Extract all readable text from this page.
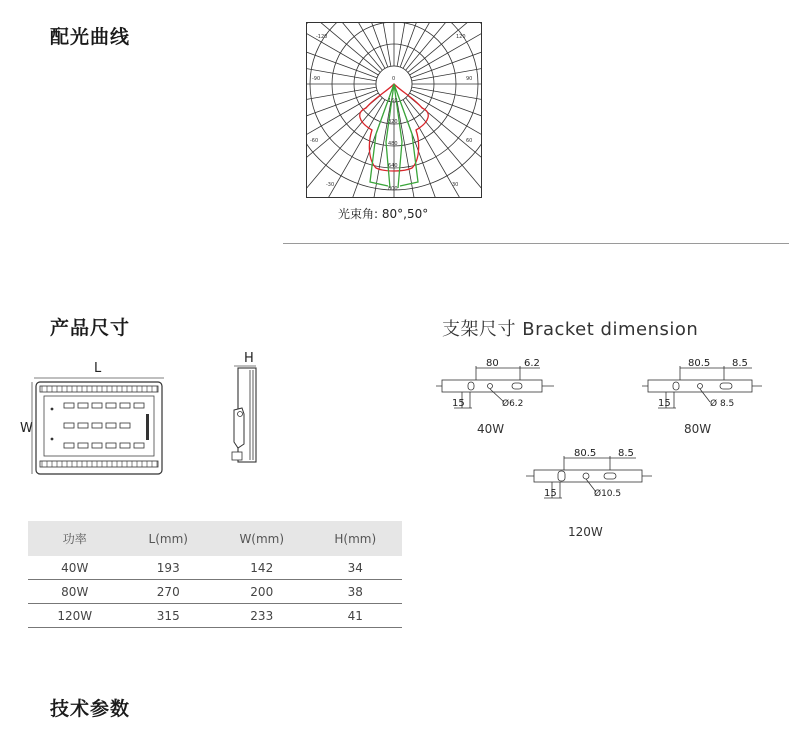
配光曲线	-120	120
-90	90
-60	60
-30	30
0
160
320
480
640
800
光束角: 80°,50°
产品尺寸
L
W
H
功率	L(mm)	W(mm)	H(mm)
40W	193	142	34
80W	270	200	38
120W	315	233	41
支架尺寸 Bracket dimension
80	6.2
15	Ø6.2
40W
80.5 8.5
15	Ø 8.5
80W
80.5 8.5
15	Ø10.5
120W
技术参数
